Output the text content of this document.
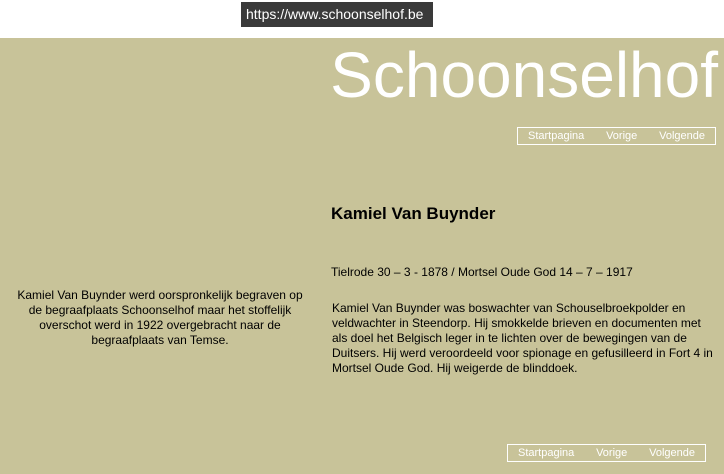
https://www.schoonselhof.be
Schoonselhof
Startpagina Vorige Volgende
Kamiel Van Buynder

Tielrode 30 – 3 - 1878 / Mortsel Oude God 14 – 7 – 1917

Kamiel Van Buynder was boswachter van Schouselbroekpolder en veldwachter in Steendorp. Hij smokkelde brieven en documenten met als doel het Belgisch leger in te lichten over de bewegingen van de Duitsers. Hij werd veroordeeld voor spionage en gefusilleerd in Fort 4 in Mortsel Oude God. Hij weigerde de blinddoek.

Kamiel Van Buynder werd oorspronkelijk begraven op de begraafplaats Schoonselhof maar het stoffelijk overschot werd in 1922 overgebracht naar de begraafplaats van Temse.

Startpagina Vorige Volgende
